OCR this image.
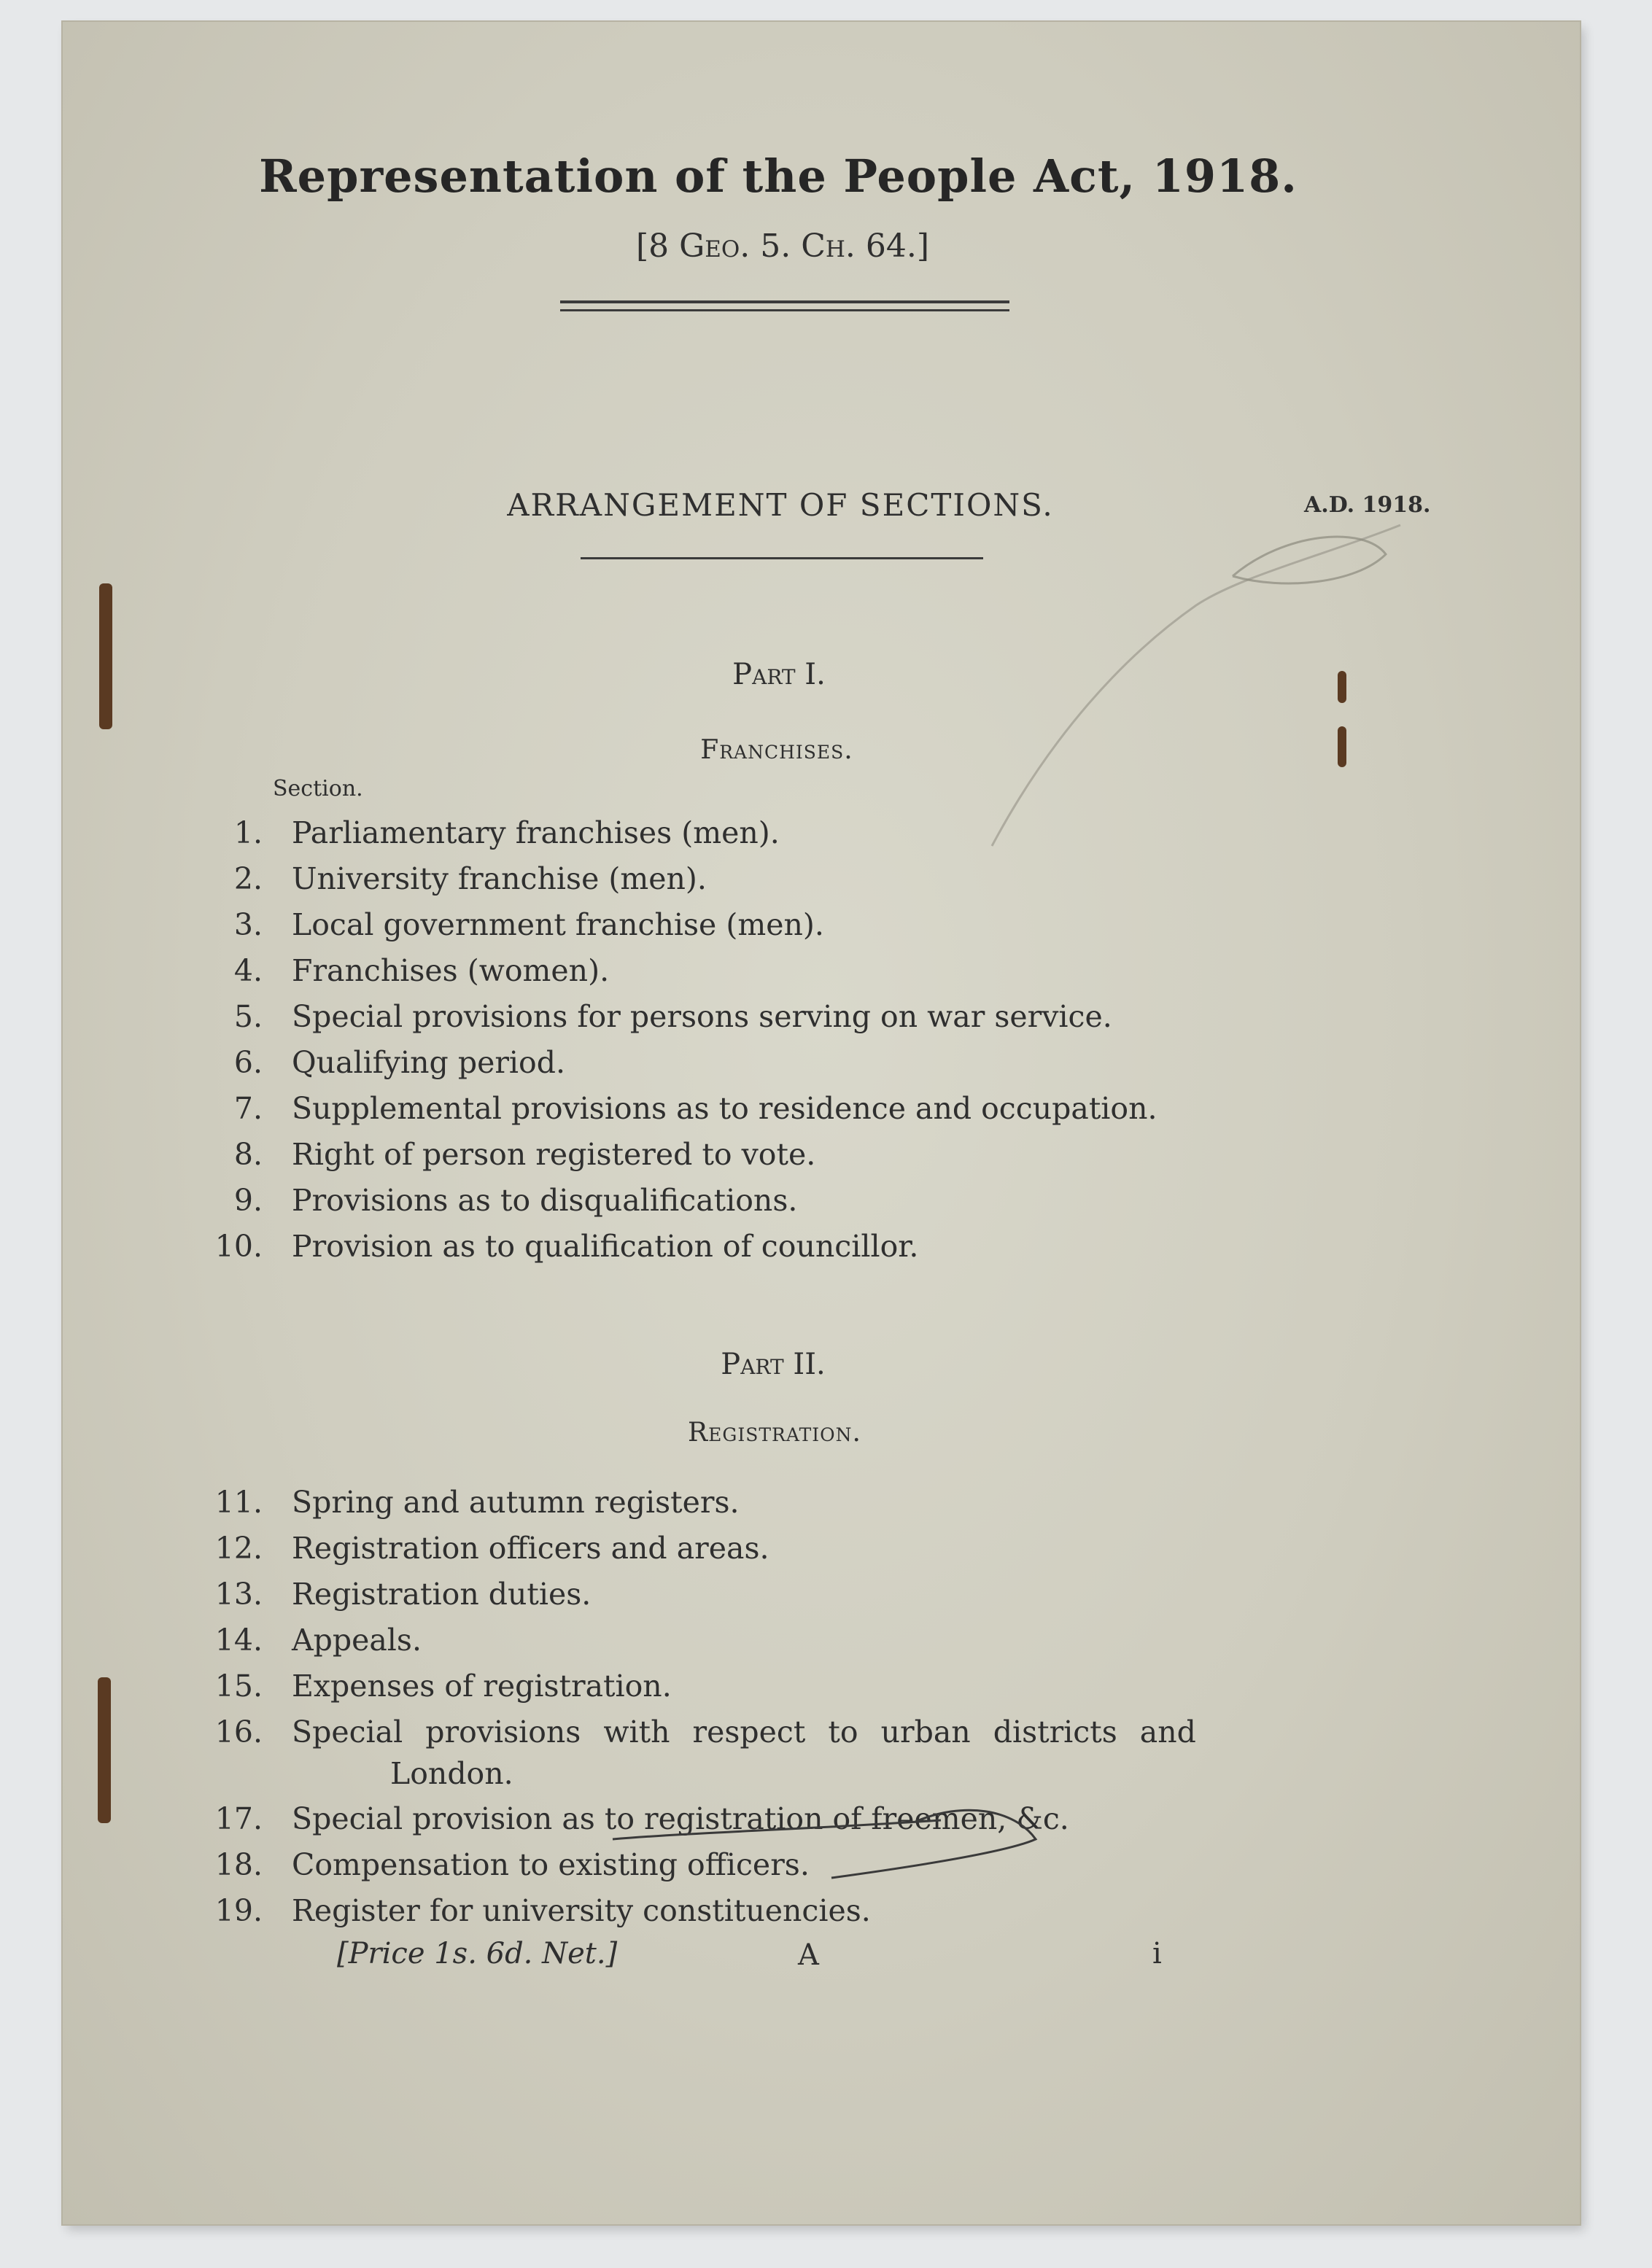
Representation of the People Act, 1918.
[8 Geo. 5. Ch. 64.]
ARRANGEMENT OF SECTIONS.	A.D. 1918.
Part I.
Franchises.
Section.
1. Parliamentary franchises (men).
2. University franchise (men).
3. Local government franchise (men).
4. Franchises (women).
5. Special provisions for persons serving on war service.
6. Qualifying period.
7. Supplemental provisions as to residence and occupation.
8. Right of person registered to vote.
9. Provisions as to disqualifications.
10. Provision as to qualification of councillor.
Part II.
Registration.
11. Spring and autumn registers.
12. Registration officers and areas.
13. Registration duties.
14. Appeals.
15. Expenses of registration.
16. Special provisions with respect to urban districts and
London.
17. Special provision as to registration of freemen, &c.
18. Compensation to existing officers.
19. Register for university constituencies.
[Price 1s. 6d. Net.]	A	i
